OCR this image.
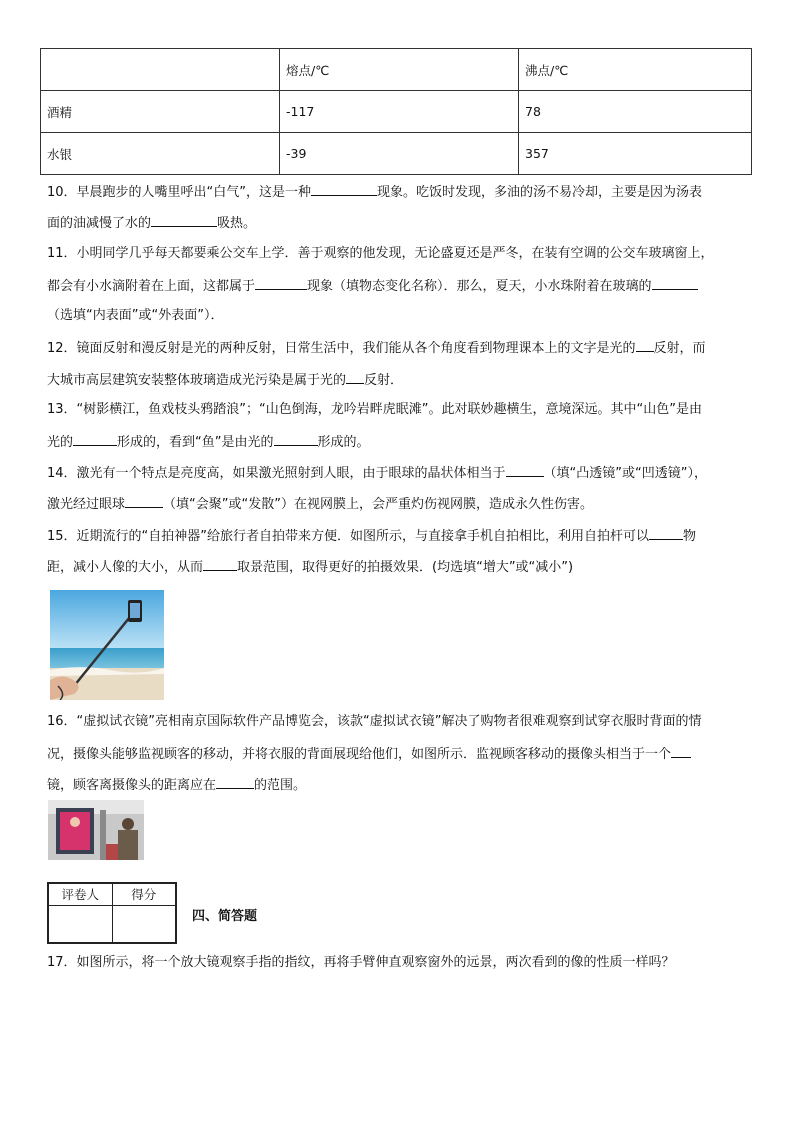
	熔点/℃	沸点/℃
酒精	-117	78
水银	-39	357
10．早晨跑步的人嘴里呼出“白气”，这是一种	现象。吃饭时发现，多油的汤不易冷却，主要是因为汤表
面的油减慢了水的	吸热。
11．小明同学几乎每天都要乘公交车上学．善于观察的他发现，无论盛夏还是严冬，在装有空调的公交车玻璃窗上，
都会有小水滴附着在上面，这都属于	现象（填物态变化名称）．那么，夏天，小水珠附着在玻璃的
（选填“内表面”或“外表面”）．
12．镜面反射和漫反射是光的两种反射，日常生活中，我们能从各个角度看到物理课本上的文字是光的 反射，而
大城市高层建筑安装整体玻璃造成光污染是属于光的 反射．
13．“树影横江，鱼戏枝头鸦踏浪”；“山色倒海，龙吟岩畔虎眠滩”。此对联妙趣横生，意境深远。其中“山色”是由
光的	形成的，看到“鱼”是由光的	形成的。
14．激光有一个特点是亮度高，如果激光照射到人眼，由于眼球的晶状体相当于	（填“凸透镜”或“凹透镜”），
激光经过眼球	（填“会聚”或“发散”）在视网膜上，会严重灼伤视网膜，造成永久性伤害。
15．近期流行的“自拍神器”给旅行者自拍带来方便．如图所示，与直接拿手机自拍相比，利用自拍杆可以	物
距，减小人像的大小，从而	取景范围，取得更好的拍摄效果．(均选填“增大”或“减小”)
16．“虚拟试衣镜”亮相南京国际软件产品博览会，该款“虚拟试衣镜”解决了购物者很难观察到试穿衣服时背面的情
况，摄像头能够监视顾客的移动，并将衣服的背面展现给他们，如图所示．监视顾客移动的摄像头相当于一个
镜，顾客离摄像头的距离应在	的范围。
评卷人	得分

四、简答题
17．如图所示，将一个放大镜观察手指的指纹，再将手臂伸直观察窗外的远景，两次看到的像的性质一样吗？
